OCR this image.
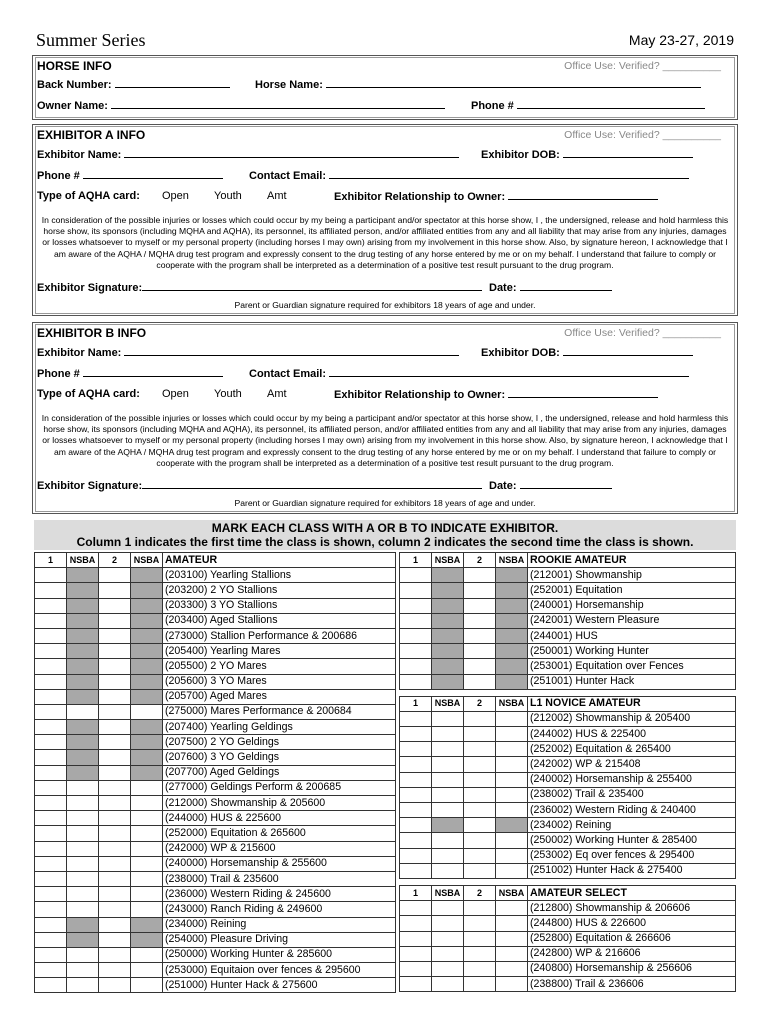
Summer Series	May 23-27, 2019
HORSE INFO	Office Use: Verified? __________
Back Number:	Horse Name:
Owner Name:	Phone #
EXHIBITOR A INFO	Office Use: Verified? __________
Exhibitor Name:	Exhibitor DOB:
Phone #	Contact Email:
Type of AQHA card: Open Youth Amt	Exhibitor Relationship to Owner:
In consideration of the possible injuries or losses which could occur by my being a participant and/or spectator at this horse show, I , the undersigned, release and hold harmless this horse show, its sponsors (including MQHA and AQHA), its personnel, its affiliated person, and/or affiliated entities from any and all liability that may arise from any injuries, damages or losses whatsoever to myself or my personal property (including horses I may own) arising from my involvement in this horse show. Also, by signature hereon, I acknowledge that I am aware of the AQHA / MQHA drug test program and expressly consent to the drug testing of any horse entered by me or on my behalf. I understand that failure to comply or cooperate with the program shall be interpreted as a determination of a positive test result pursuant to the drug program.
Exhibitor Signature:	Date:
Parent or Guardian signature required for exhibitors 18 years of age and under.
EXHIBITOR B INFO	Office Use: Verified? __________
Exhibitor Name:	Exhibitor DOB:
Phone #	Contact Email:
Type of AQHA card: Open Youth Amt	Exhibitor Relationship to Owner:
In consideration of the possible injuries or losses which could occur by my being a participant and/or spectator at this horse show, I , the undersigned, release and hold harmless this horse show, its sponsors (including MQHA and AQHA), its personnel, its affiliated person, and/or affiliated entities from any and all liability that may arise from any injuries, damages or losses whatsoever to myself or my personal property (including horses I may own) arising from my involvement in this horse show. Also, by signature hereon, I acknowledge that I am aware of the AQHA / MQHA drug test program and expressly consent to the drug testing of any horse entered by me or on my behalf. I understand that failure to comply or cooperate with the program shall be interpreted as a determination of a positive test result pursuant to the drug program.
Exhibitor Signature:	Date:
Parent or Guardian signature required for exhibitors 18 years of age and under.
MARK EACH CLASS WITH A OR B TO INDICATE EXHIBITOR.
Column 1 indicates the first time the class is shown, column 2 indicates the second time the class is shown.
1	NSBA	2	NSBA	AMATEUR
				(203100) Yearling Stallions
				(203200) 2 YO Stallions
				(203300) 3 YO Stallions
				(203400) Aged Stallions
				(273000) Stallion Performance & 200686
				(205400) Yearling Mares
				(205500) 2 YO Mares
				(205600) 3 YO Mares
				(205700) Aged Mares
				(275000) Mares Performance & 200684
				(207400) Yearling Geldings
				(207500) 2 YO Geldings
				(207600) 3 YO Geldings
				(207700) Aged Geldings
				(277000) Geldings Perform & 200685
				(212000) Showmanship & 205600
				(244000) HUS & 225600
				(252000) Equitation & 265600
				(242000) WP & 215600
				(240000) Horsemanship & 255600
				(238000) Trail & 235600
				(236000) Western Riding & 245600
				(243000) Ranch Riding & 249600
				(234000) Reining
				(254000) Pleasure Driving
				(250000) Working Hunter & 285600
				(253000) Equitaion over fences & 295600
				(251000) Hunter Hack & 275600
1	NSBA	2	NSBA	ROOKIE AMATEUR
				(212001) Showmanship
				(252001) Equitation
				(240001) Horsemanship
				(242001) Western Pleasure
				(244001) HUS
				(250001) Working Hunter
				(253001) Equitation over Fences
				(251001) Hunter Hack
1	NSBA	2	NSBA	L1 NOVICE AMATEUR
				(212002) Showmanship & 205400
				(244002) HUS & 225400
				(252002) Equitation & 265400
				(242002) WP & 215408
				(240002) Horsemanship & 255400
				(238002) Trail & 235400
				(236002) Western Riding & 240400
				(234002) Reining
				(250002) Working Hunter & 285400
				(253002) Eq over fences & 295400
				(251002) Hunter Hack & 275400
1	NSBA	2	NSBA	AMATEUR SELECT
				(212800) Showmanship & 206606
				(244800) HUS & 226600
				(252800) Equitation & 266606
				(242800) WP & 216606
				(240800) Horsemanship & 256606
				(238800) Trail & 236606
